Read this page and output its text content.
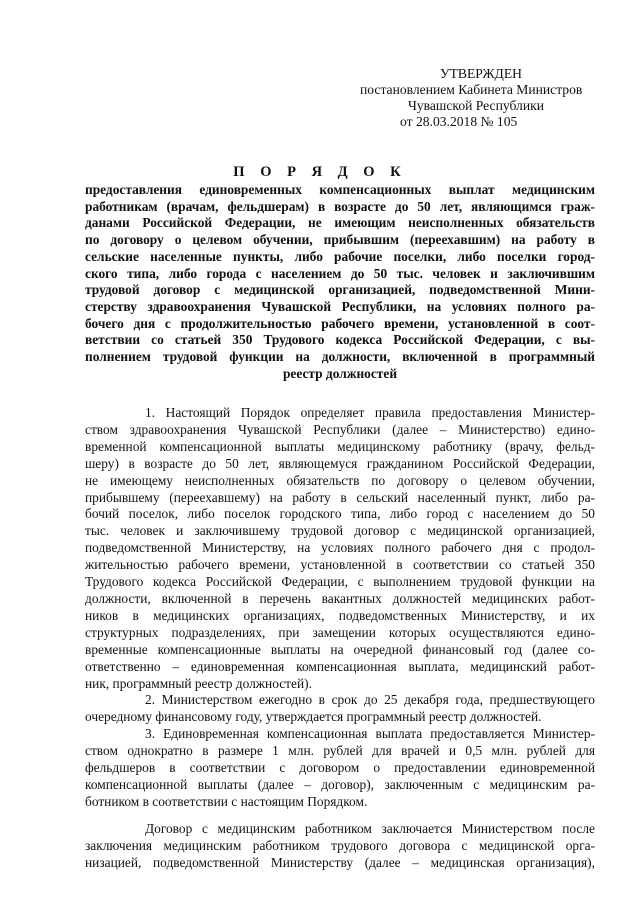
УТВЕРЖДЕН
постановлением Кабинета Министров
Чувашской Республики
от 28.03.2018 № 105
П О Р Я Д О К
предоставления единовременных компенсационных выплат медицинским
работникам (врачам, фельдшерам) в возрасте до 50 лет, являющимся граж-
данами Российской Федерации, не имеющим неисполненных обязательств
по договору о целевом обучении, прибывшим (переехавшим) на работу в
сельские населенные пункты, либо рабочие поселки, либо поселки город-
ского типа, либо города с населением до 50 тыс. человек и заключившим
трудовой договор с медицинской организацией, подведомственной Мини-
стерству здравоохранения Чувашской Республики, на условиях полного ра-
бочего дня с продолжительностью рабочего времени, установленной в соот-
ветствии со статьей 350 Трудового кодекса Российской Федерации, с вы-
полнением трудовой функции на должности, включенной в программный
реестр должностей
1. Настоящий Порядок определяет правила предоставления Министер-
ством здравоохранения Чувашской Республики (далее – Министерство) едино-
временной компенсационной выплаты медицинскому работнику (врачу, фельд-
шеру) в возрасте до 50 лет, являющемуся гражданином Российской Федерации,
не имеющему неисполненных обязательств по договору о целевом обучении,
прибывшему (переехавшему) на работу в сельский населенный пункт, либо ра-
бочий поселок, либо поселок городского типа, либо город с населением до 50
тыс. человек и заключившему трудовой договор с медицинской организацией,
подведомственной Министерству, на условиях полного рабочего дня с продол-
жительностью рабочего времени, установленной в соответствии со статьей 350
Трудового кодекса Российской Федерации, с выполнением трудовой функции на
должности, включенной в перечень вакантных должностей медицинских работ-
ников в медицинских организациях, подведомственных Министерству, и их
структурных подразделениях, при замещении которых осуществляются едино-
временные компенсационные выплаты на очередной финансовый год (далее со-
ответственно – единовременная компенсационная выплата, медицинский работ-
ник, программный реестр должностей).
2. Министерством ежегодно в срок до 25 декабря года, предшествующего
очередному финансовому году, утверждается программный реестр должностей.
3. Единовременная компенсационная выплата предоставляется Министер-
ством однократно в размере 1 млн. рублей для врачей и 0,5 млн. рублей для
фельдшеров в соответствии с договором о предоставлении единовременной
компенсационной выплаты (далее – договор), заключенным с медицинским ра-
ботником в соответствии с настоящим Порядком.
Договор с медицинским работником заключается Министерством после
заключения медицинским работником трудового договора с медицинской орга-
низацией, подведомственной Министерству (далее – медицинская организация),
